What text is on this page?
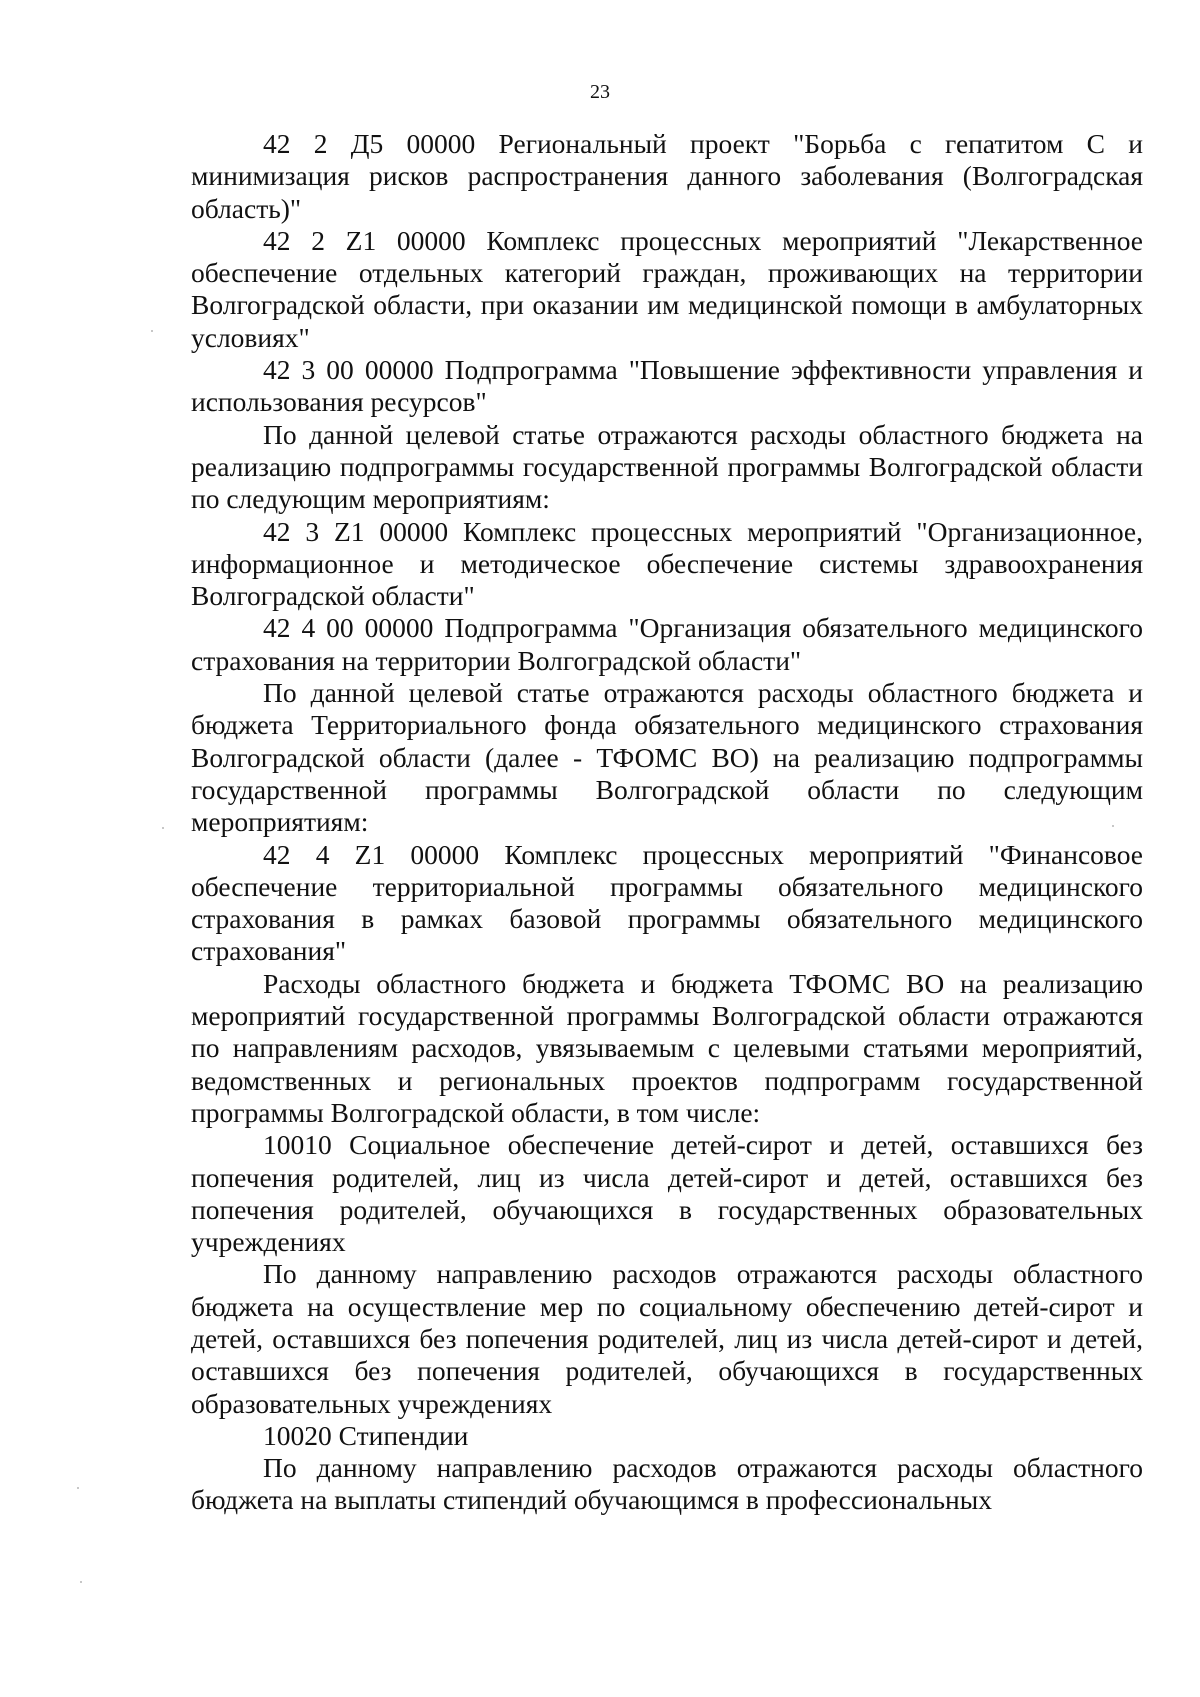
23

42 2 Д5 00000 Региональный проект "Борьба с гепатитом С и минимизация рисков распространения данного заболевания (Волгоградская область)"

42 2 Z1 00000 Комплекс процессных мероприятий "Лекарственное обеспечение отдельных категорий граждан, проживающих на территории Волгоградской области, при оказании им медицинской помощи в амбулаторных условиях"

42 3 00 00000 Подпрограмма "Повышение эффективности управления и использования ресурсов"

По данной целевой статье отражаются расходы областного бюджета на реализацию подпрограммы государственной программы Волгоградской области по следующим мероприятиям:

42 3 Z1 00000 Комплекс процессных мероприятий "Организационное, информационное и методическое обеспечение системы здравоохранения Волгоградской области"

42 4 00 00000 Подпрограмма "Организация обязательного медицинского страхования на территории Волгоградской области"

По данной целевой статье отражаются расходы областного бюджета и бюджета Территориального фонда обязательного медицинского страхования Волгоградской области (далее - ТФОМС ВО) на реализацию подпрограммы государственной программы Волгоградской области по следующим мероприятиям:

42 4 Z1 00000 Комплекс процессных мероприятий "Финансовое обеспечение территориальной программы обязательного медицинского страхования в рамках базовой программы обязательного медицинского страхования"

Расходы областного бюджета и бюджета ТФОМС ВО на реализацию мероприятий государственной программы Волгоградской области отражаются по направлениям расходов, увязываемым с целевыми статьями мероприятий, ведомственных и региональных проектов подпрограмм государственной программы Волгоградской области, в том числе:

10010 Социальное обеспечение детей-сирот и детей, оставшихся без попечения родителей, лиц из числа детей-сирот и детей, оставшихся без попечения родителей, обучающихся в государственных образовательных учреждениях

По данному направлению расходов отражаются расходы областного бюджета на осуществление мер по социальному обеспечению детей-сирот и детей, оставшихся без попечения родителей, лиц из числа детей-сирот и детей, оставшихся без попечения родителей, обучающихся в государственных образовательных учреждениях

10020 Стипендии

По данному направлению расходов отражаются расходы областного бюджета на выплаты стипендий обучающимся в профессиональных
